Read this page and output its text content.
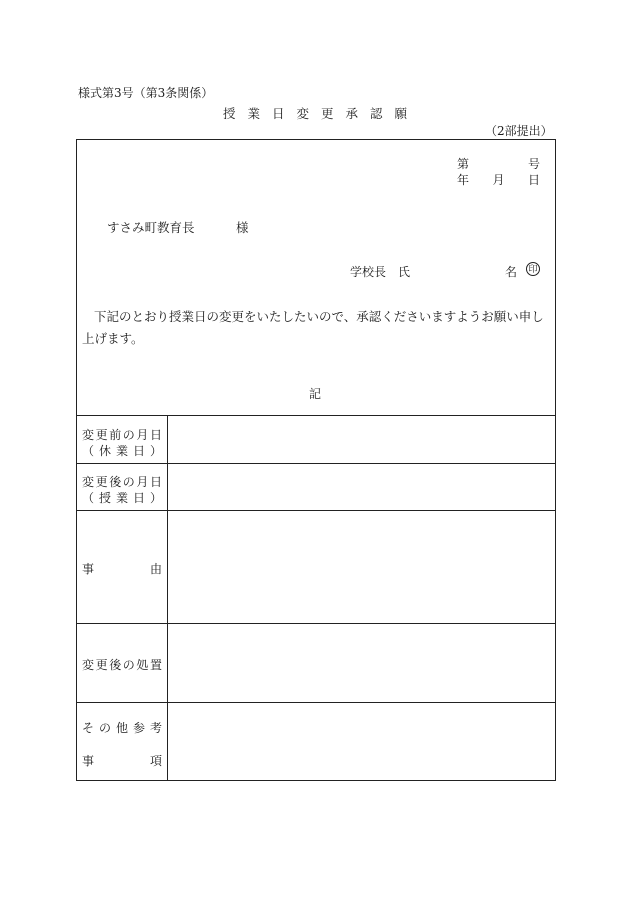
様式第3号（第3条関係）
授業日変更承認願
（2部提出）
第	号
年 月 日
すさみ町教育長	様
学校長 氏	名 印
下記のとおり授業日の変更をいたしたいので、承認くださいますようお願い申し上げます。
記
変 更 前 の 月 日
（ 休 業 日 ）
変 更 後 の 月 日
（ 授 業 日 ）
事	由
変 更 後 の 処 置
そ の 他 参 考
事	項
